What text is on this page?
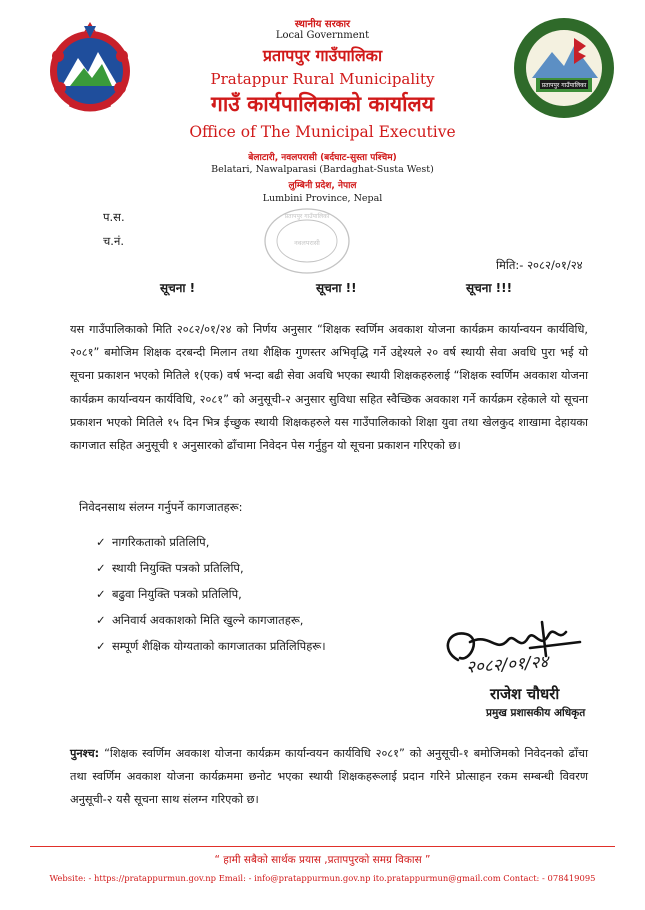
प्रतापपुर गाउँपालिका
स्थानीय सरकार
Local Government
प्रतापपुर गाउँपालिका
Pratappur Rural Municipality
गाउँ कार्यपालिकाको कार्यालय
Office of The Municipal Executive
बेलाटारी, नवलपरासी (बर्दघाट-सुस्ता पश्चिम)
Belatari, Nawalparasi (Bardaghat-Susta West)
लुम्बिनी प्रदेश, नेपाल
Lumbini Province, Nepal
प्रतापपुर गाउँपालिका
नवलपरासी
प.स.
च.नं.
मिति:- २०८२/०१/२४
सूचना !	सूचना !!	सूचना !!!
यस गाउँपालिकाको मिति २०८२/०१/२४ को निर्णय अनुसार “शिक्षक स्वर्णिम अवकाश योजना कार्यक्रम कार्यान्वयन कार्यविधि, २०८१” बमोजिम शिक्षक दरबन्दी मिलान तथा शैक्षिक गुणस्तर अभिवृद्धि गर्ने उद्देश्यले २० वर्ष स्थायी सेवा अवधि पुरा भई यो सूचना प्रकाशन भएको मितिले १(एक) वर्ष भन्दा बढी सेवा अवधि भएका स्थायी शिक्षकहरुलाई “शिक्षक स्वर्णिम अवकाश योजना कार्यक्रम कार्यान्वयन कार्यविधि, २०८१” को अनुसूची-२ अनुसार सुविधा सहित स्वैच्छिक अवकाश गर्ने कार्यक्रम रहेकाले यो सूचना प्रकाशन भएको मितिले १५ दिन भित्र ईच्छुक स्थायी शिक्षकहरुले यस गाउँपालिकाको शिक्षा युवा तथा खेलकुद शाखामा देहायका कागजात सहित अनुसूची १ अनुसारको ढाँचामा निवेदन पेस गर्नुहुन यो सूचना प्रकाशन गरिएको छ।
निवेदनसाथ संलग्न गर्नुपर्ने कागजातहरू:
✓ नागरिकताको प्रतिलिपि,
✓ स्थायी नियुक्ति पत्रको प्रतिलिपि,
✓ बढुवा नियुक्ति पत्रको प्रतिलिपि,
✓ अनिवार्य अवकाशको मिति खुल्ने कागजातहरू,
✓ सम्पूर्ण शैक्षिक योग्यताको कागजातका प्रतिलिपिहरू।
२०८२/०१/२४
राजेश चौधरी
प्रमुख प्रशासकीय अधिकृत
पुनश्च: “शिक्षक स्वर्णिम अवकाश योजना कार्यक्रम कार्यान्वयन कार्यविधि २०८१” को अनुसूची-१ बमोजिमको निवेदनको ढाँचा तथा स्वर्णिम अवकाश योजना कार्यक्रममा छनोट भएका स्थायी शिक्षकहरूलाई प्रदान गरिने प्रोत्साहन रकम सम्बन्धी विवरण अनुसूची-२ यसै सूचना साथ संलग्न गरिएको छ।
“ हामी सबैको सार्थक प्रयास ,प्रतापपुरको समग्र विकास ”
Website: - https://pratappurmun.gov.np Email: - info@pratappurmun.gov.np ito.pratappurmun@gmail.com Contact: - 078419095
